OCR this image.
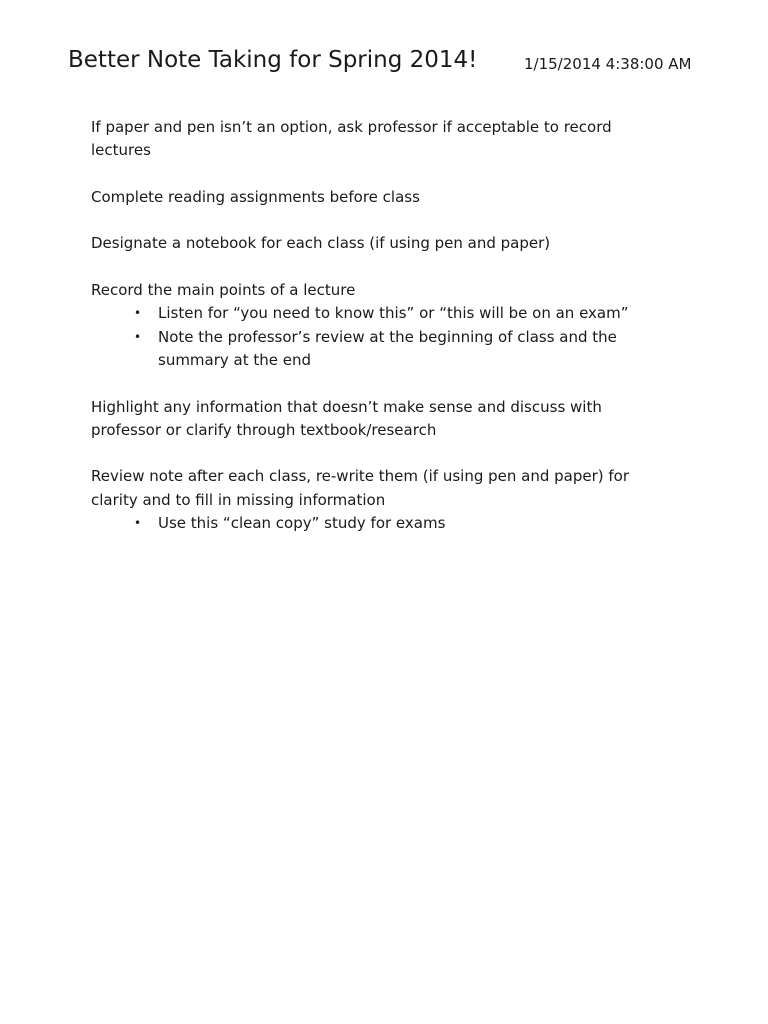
Better Note Taking for Spring 2014!	1/15/2014 4:38:00 AM

If paper and pen isn’t an option, ask professor if acceptable to record lectures

Complete reading assignments before class

Designate a notebook for each class (if using pen and paper)

Record the main points of a lecture

• Listen for “you need to know this” or “this will be on an exam”
• Note the professor’s review at the beginning of class and the summary at the end

Highlight any information that doesn’t make sense and discuss with professor or clarify through textbook/research

Review note after each class, re-write them (if using pen and paper) for clarity and to fill in missing information

• Use this “clean copy” study for exams
